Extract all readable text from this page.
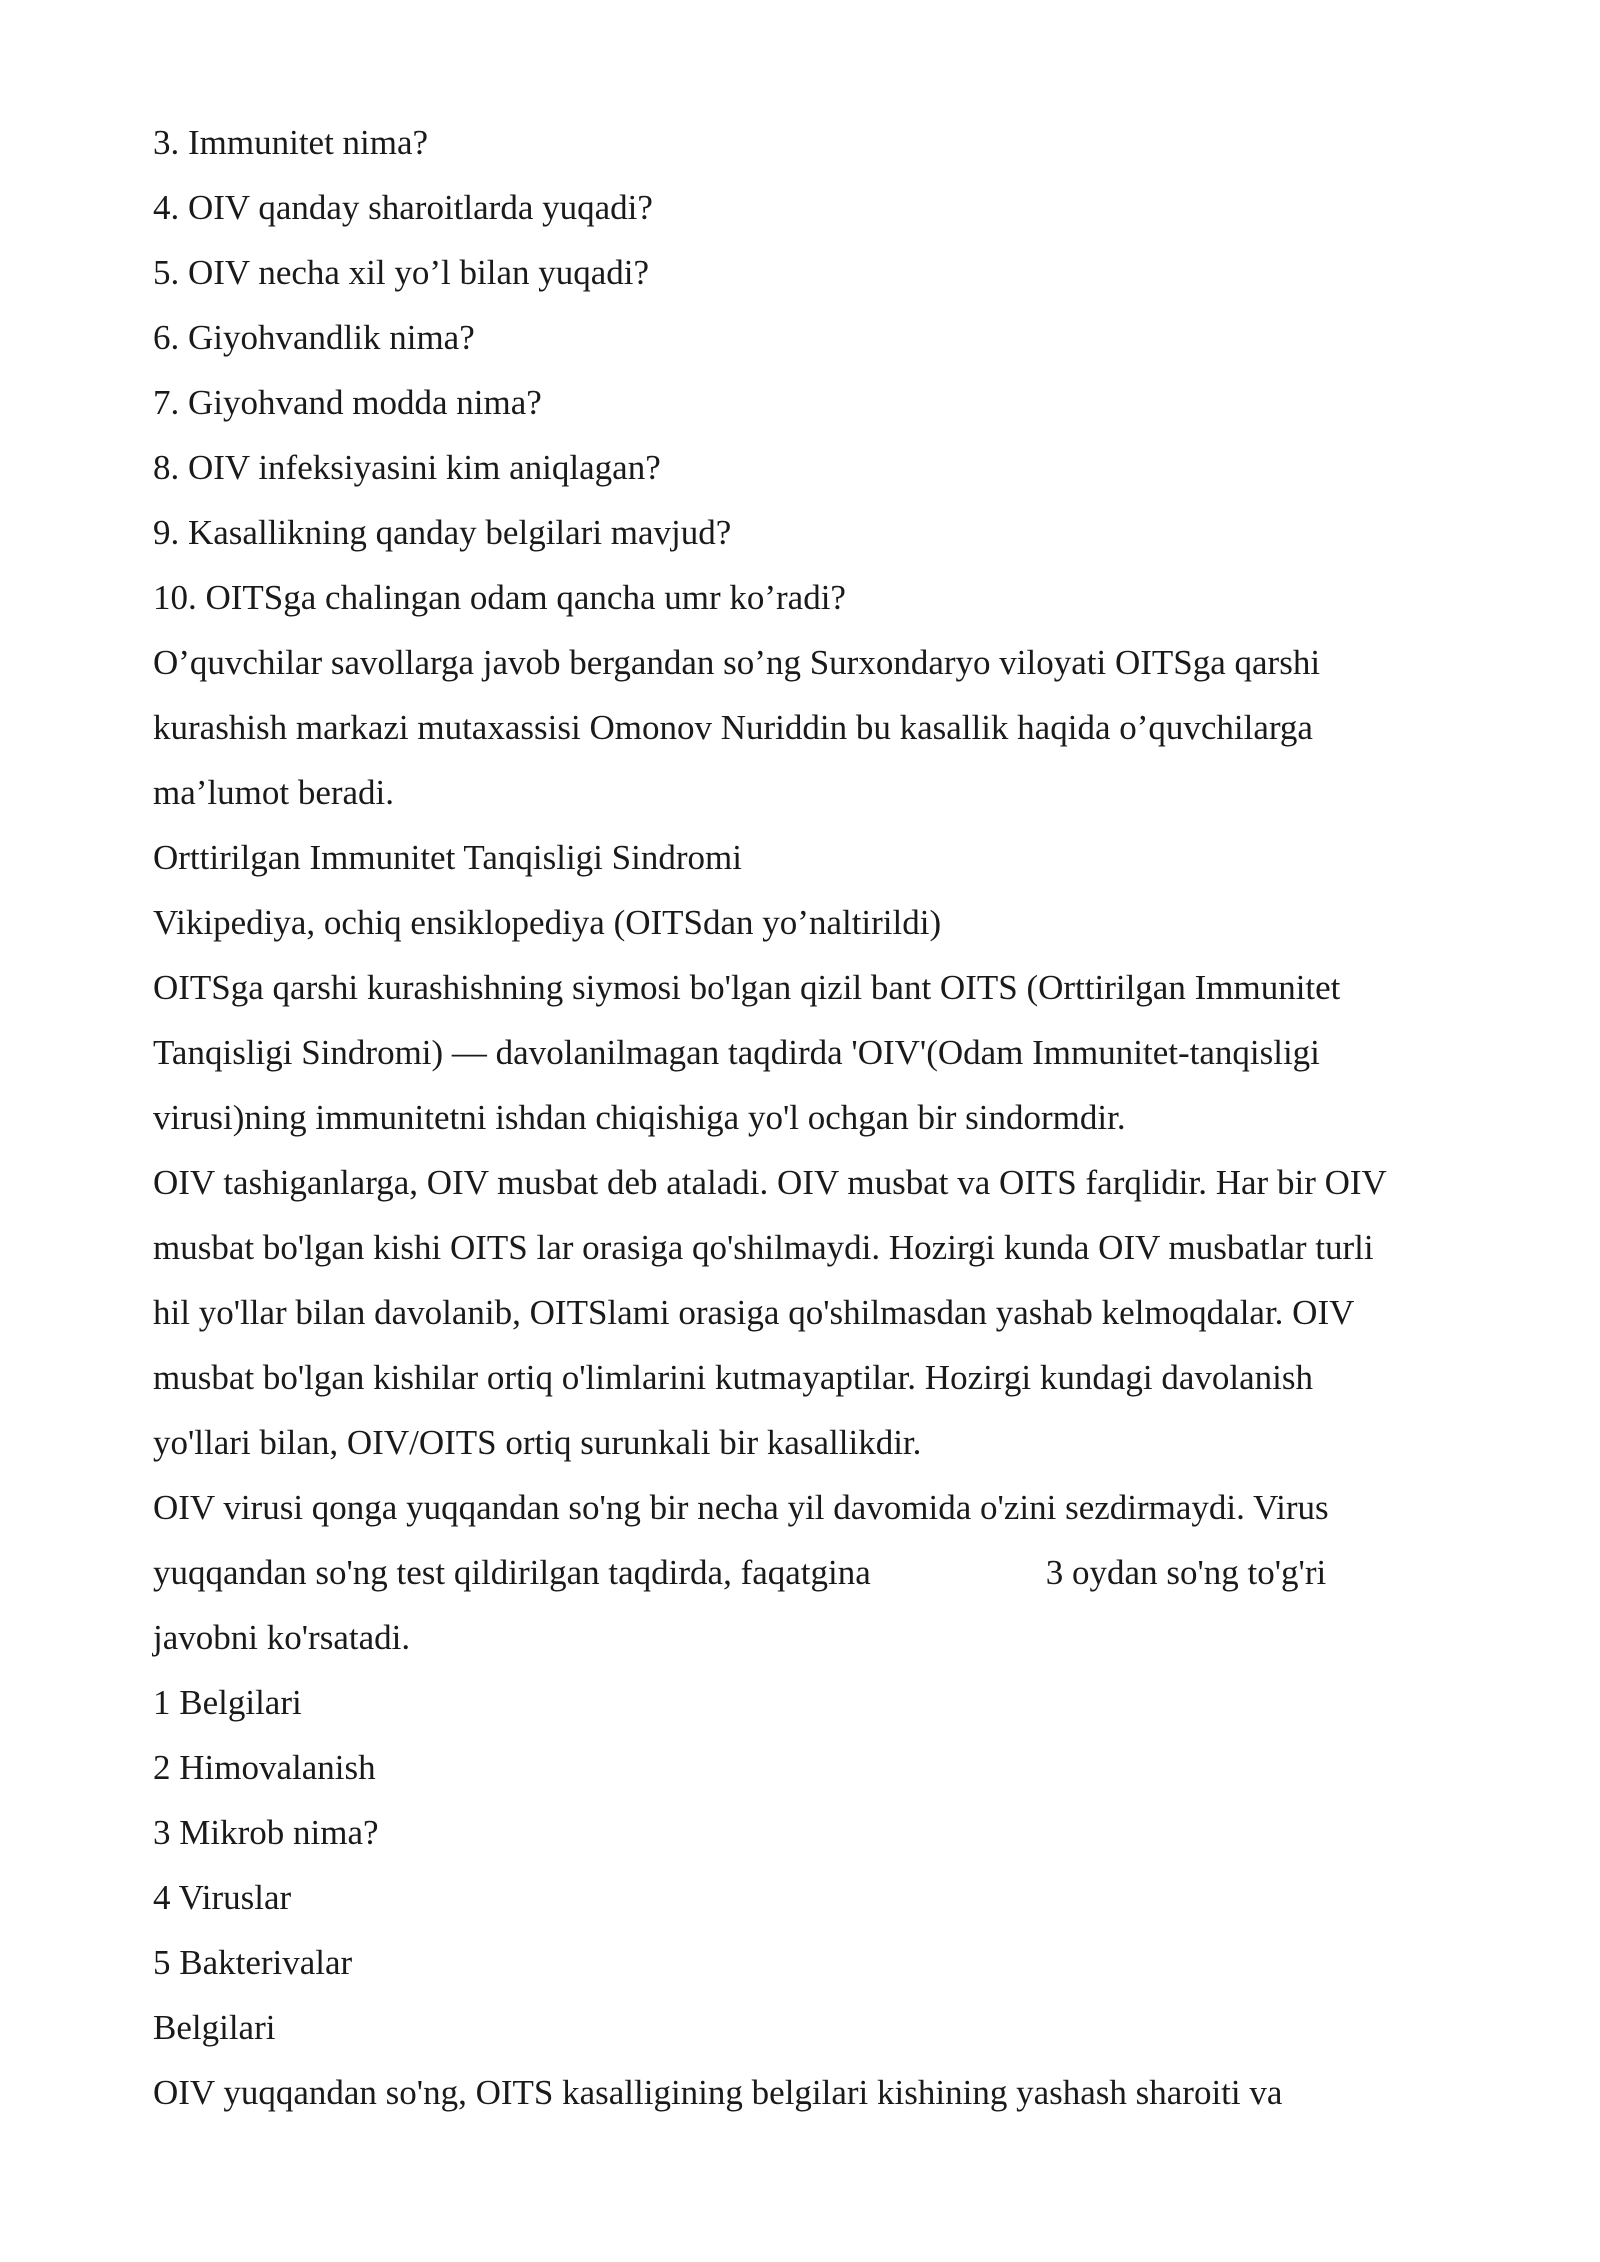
3. Immunitet nima?

4. OIV qanday sharoitlarda yuqadi?

5. OIV necha xil yo’l bilan yuqadi?

6. Giyohvandlik nima?

7. Giyohvand modda nima?

8. OIV infeksiyasini kim aniqlagan?

9. Kasallikning qanday belgilari mavjud?

10. OITSga chalingan odam qancha umr ko’radi?

O’quvchilar savollarga javob bergandan so’ng Surxondaryo viloyati OITSga qarshi
kurashish markazi mutaxassisi Omonov Nuriddin bu kasallik haqida o’quvchilarga
ma’lumot beradi.

Orttirilgan Immunitet Tanqisligi Sindromi

Vikipediya, ochiq ensiklopediya (OITSdan yo’naltirildi)

OITSga qarshi kurashishning siymosi bo'lgan qizil bant OITS (Orttirilgan Immunitet
Tanqisligi Sindromi) — davolanilmagan taqdirda 'OIV'(Odam Immunitet-tanqisligi
virusi)ning immunitetni ishdan chiqishiga yo'l ochgan bir sindormdir.
OIV tashiganlarga, OIV musbat deb ataladi. OIV musbat va OITS farqlidir. Har bir OIV
musbat bo'lgan kishi OITS lar orasiga qo'shilmaydi. Hozirgi kunda OIV musbatlar turli
hil yo'llar bilan davolanib, OITSlami orasiga qo'shilmasdan yashab kelmoqdalar. OIV
musbat bo'lgan kishilar ortiq o'limlarini kutmayaptilar. Hozirgi kundagi davolanish
yo'llari bilan, OIV/OITS ortiq surunkali bir kasallikdir.
OIV virusi qonga yuqqandan so'ng bir necha yil davomida o'zini sezdirmaydi. Virus
yuqqandan so'ng test qildirilgan taqdirda, faqatgina	3 oydan so'ng to'g'ri
javobni ko'rsatadi.

1 Belgilari

2 Himovalanish

3 Mikrob nima?

4 Viruslar

5 Bakterivalar

Belgilari

OIV yuqqandan so'ng, OITS kasalligining belgilari kishining yashash sharoiti va
